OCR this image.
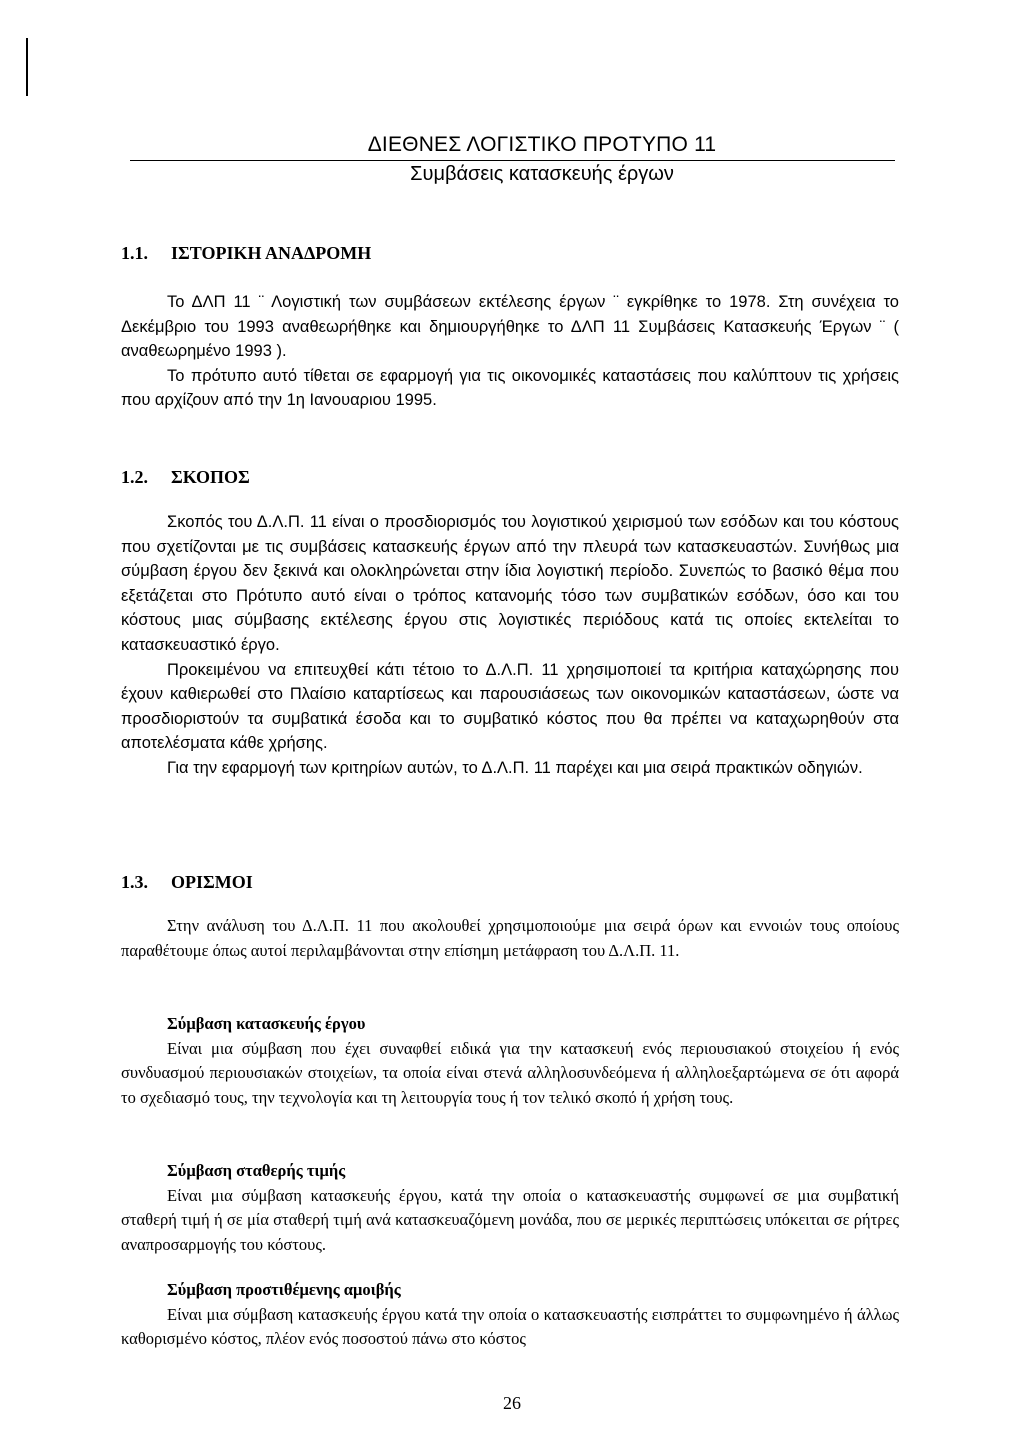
ΔΙΕΘΝΕΣ ΛΟΓΙΣΤΙΚΟ ΠΡΟΤΥΠΟ 11
Συμβάσεις κατασκευής έργων
1.1. ΙΣΤΟΡΙΚΗ ΑΝΑΔΡΟΜΗ

Το ΔΛΠ 11 ¨ Λογιστική των συμβάσεων εκτέλεσης έργων ¨ εγκρίθηκε το 1978. Στη συνέχεια το Δεκέμβριο του 1993 αναθεωρήθηκε και δημιουργήθηκε το ΔΛΠ 11 Συμβάσεις Κατασκευής Έργων ¨ ( αναθεωρημένο 1993 ).

Το πρότυπο αυτό τίθεται σε εφαρμογή για τις οικονομικές καταστάσεις που καλύπτουν τις χρήσεις που αρχίζουν από την 1η Ιανουαριου 1995.

1.2. ΣΚΟΠΟΣ

Σκοπός του Δ.Λ.Π. 11 είναι ο προσδιορισμός του λογιστικού χειρισμού των εσόδων και του κόστους που σχετίζονται με τις συμβάσεις κατασκευής έργων από την πλευρά των κατασκευαστών. Συνήθως μια σύμβαση έργου δεν ξεκινά και ολοκληρώνεται στην ίδια λογιστική περίοδο. Συνεπώς το βασικό θέμα που εξετάζεται στο Πρότυπο αυτό είναι ο τρόπος κατανομής τόσο των συμβατικών εσόδων, όσο και του κόστους μιας σύμβασης εκτέλεσης έργου στις λογιστικές περιόδους κατά τις οποίες εκτελείται το κατασκευαστικό έργο.

Προκειμένου να επιτευχθεί κάτι τέτοιο το Δ.Λ.Π. 11 χρησιμοποιεί τα κριτήρια καταχώρησης που έχουν καθιερωθεί στο Πλαίσιο καταρτίσεως και παρουσιάσεως των οικονομικών καταστάσεων, ώστε να προσδιοριστούν τα συμβατικά έσοδα και το συμβατικό κόστος που θα πρέπει να καταχωρηθούν στα αποτελέσματα κάθε χρήσης.

Για την εφαρμογή των κριτηρίων αυτών, το Δ.Λ.Π. 11 παρέχει και μια σειρά πρακτικών οδηγιών.

1.3. ΟΡΙΣΜΟΙ

Στην ανάλυση του Δ.Λ.Π. 11 που ακολουθεί χρησιμοποιούμε μια σειρά όρων και εννοιών τους οποίους παραθέτουμε όπως αυτοί περιλαμβάνονται στην επίσημη μετάφραση του Δ.Λ.Π. 11.

Σύμβαση κατασκευής έργου

Είναι μια σύμβαση που έχει συναφθεί ειδικά για την κατασκευή ενός περιουσιακού στοιχείου ή ενός συνδυασμού περιουσιακών στοιχείων, τα οποία είναι στενά αλληλοσυνδεόμενα ή αλληλοεξαρτώμενα σε ότι αφορά το σχεδιασμό τους, την τεχνολογία και τη λειτουργία τους ή τον τελικό σκοπό ή χρήση τους.

Σύμβαση σταθερής τιμής

Είναι μια σύμβαση κατασκευής έργου, κατά την οποία ο κατασκευαστής συμφωνεί σε μια συμβατική σταθερή τιμή ή σε μία σταθερή τιμή ανά κατασκευαζόμενη μονάδα, που σε μερικές περιπτώσεις υπόκειται σε ρήτρες αναπροσαρμογής του κόστους.

Σύμβαση προστιθέμενης αμοιβής

Είναι μια σύμβαση κατασκευής έργου κατά την οποία ο κατασκευαστής εισπράττει το συμφωνημένο ή άλλως καθορισμένο κόστος, πλέον ενός ποσοστού πάνω στο κόστος

26
